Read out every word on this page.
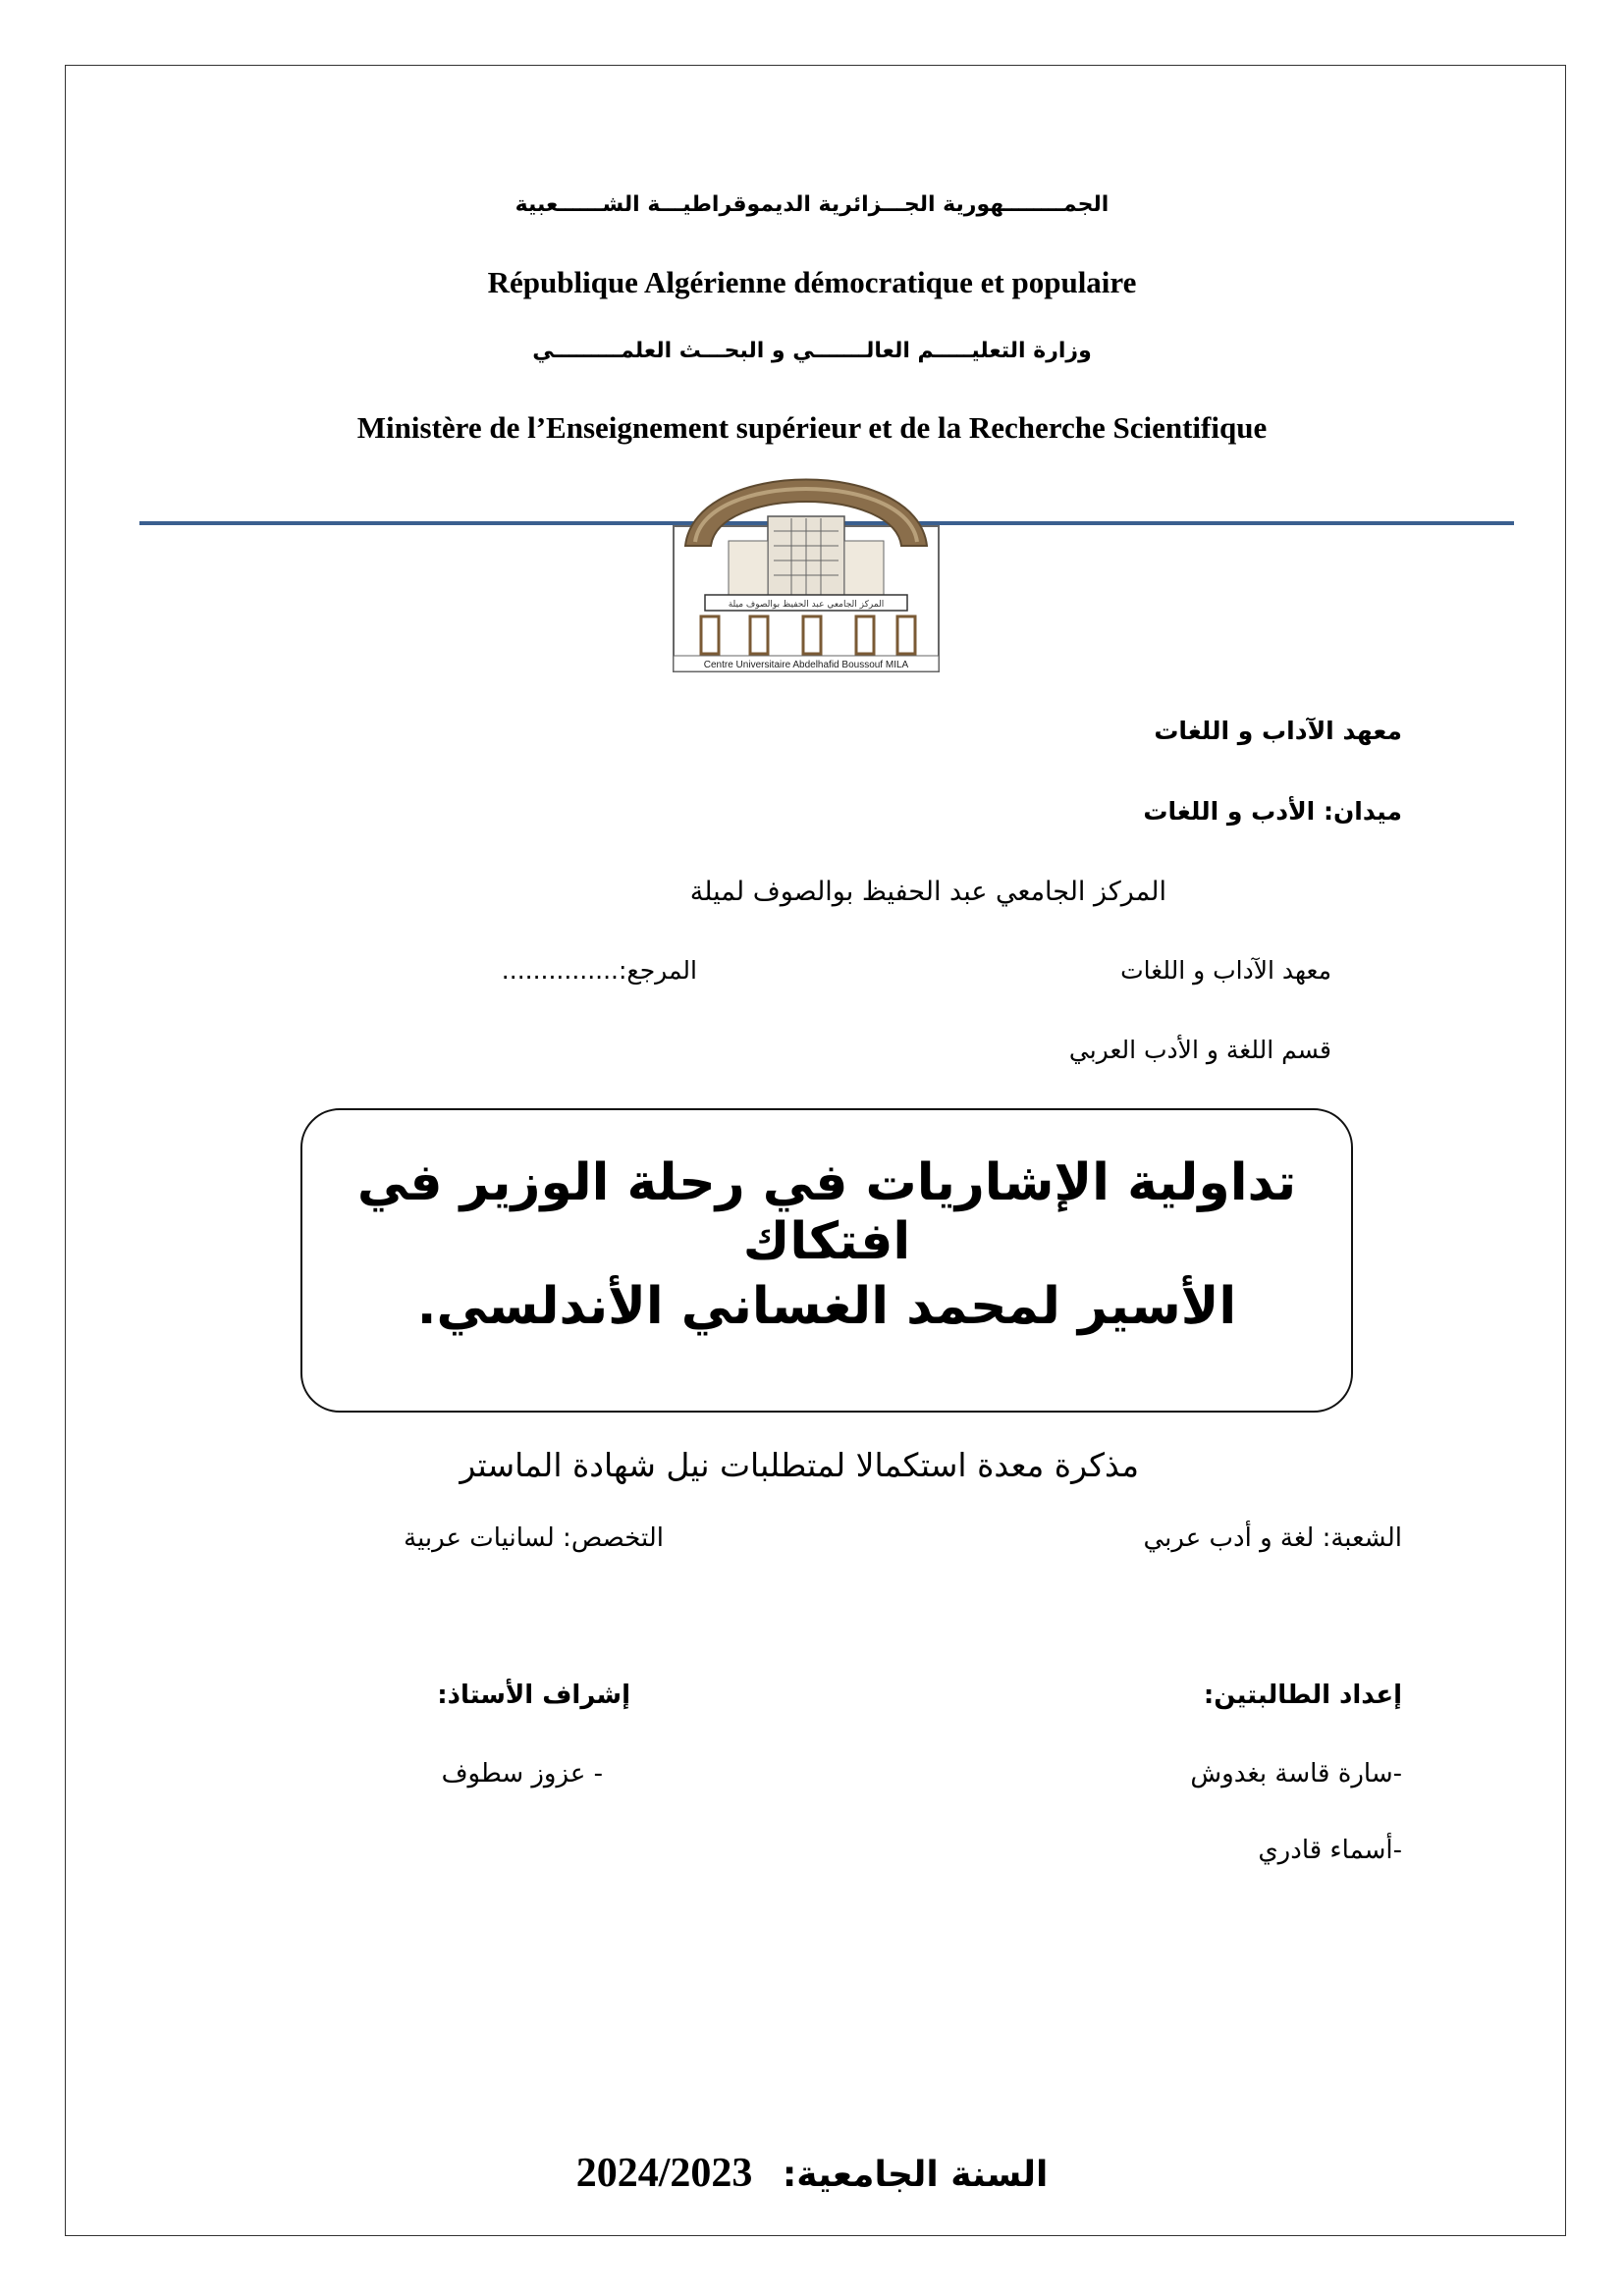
الجمــــــــهورية الجـــزائرية الديموقراطيـــة الشــــــعبية
République Algérienne démocratique et populaire
وزارة التعليـــــم العالـــــــي و البحـــث العلمـــــــــي
Ministère de l’Enseignement supérieur et de la Recherche Scientifique
المركز الجامعي عبد الحفيظ بوالصوف ميلة
Centre Universitaire Abdelhafid Boussouf MILA
معهد الآداب و اللغات
ميدان: الأدب و اللغات
المركز الجامعي عبد الحفيظ بوالصوف لميلة
معهد الآداب و اللغات
المرجع:...............
قسم اللغة و الأدب العربي
تداولية الإشاريات في رحلة الوزير في افتكاك
الأسير لمحمد الغساني الأندلسي.
مذكرة معدة استكمالا لمتطلبات نيل شهادة الماستر
الشعبة: لغة و أدب عربي
التخصص: لسانيات عربية
إعداد الطالبتين:
إشراف الأستاذ:
-سارة قاسة بغدوش
- عزوز سطوف
-أسماء قادري
2024/2023 السنة الجامعية:
